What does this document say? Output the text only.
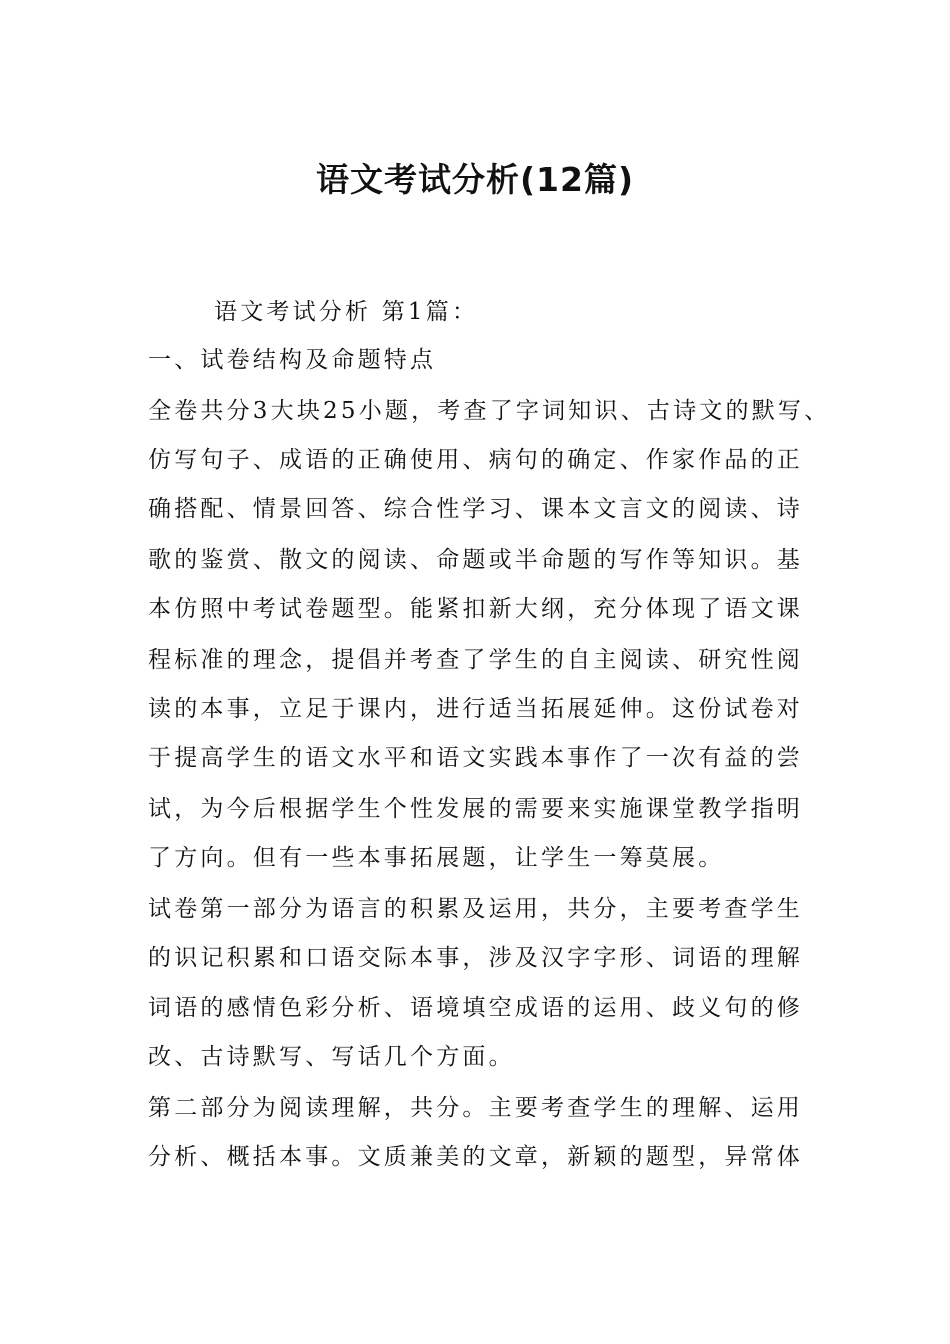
语文考试分析(12篇)
语文考试分析 第1篇：
一、试卷结构及命题特点
全卷共分3大块25小题，考查了字词知识、古诗文的默写、
仿写句子、成语的正确使用、病句的确定、作家作品的正
确搭配、情景回答、综合性学习、课本文言文的阅读、诗
歌的鉴赏、散文的阅读、命题或半命题的写作等知识。基
本仿照中考试卷题型。能紧扣新大纲，充分体现了语文课
程标准的理念，提倡并考查了学生的自主阅读、研究性阅
读的本事，立足于课内，进行适当拓展延伸。这份试卷对
于提高学生的语文水平和语文实践本事作了一次有益的尝
试，为今后根据学生个性发展的需要来实施课堂教学指明
了方向。但有一些本事拓展题，让学生一筹莫展。
试卷第一部分为语言的积累及运用，共分，主要考查学生
的识记积累和口语交际本事，涉及汉字字形、词语的理解
词语的感情色彩分析、语境填空成语的运用、歧义句的修
改、古诗默写、写话几个方面。
第二部分为阅读理解，共分。主要考查学生的理解、运用
分析、概括本事。文质兼美的文章，新颖的题型，异常体
